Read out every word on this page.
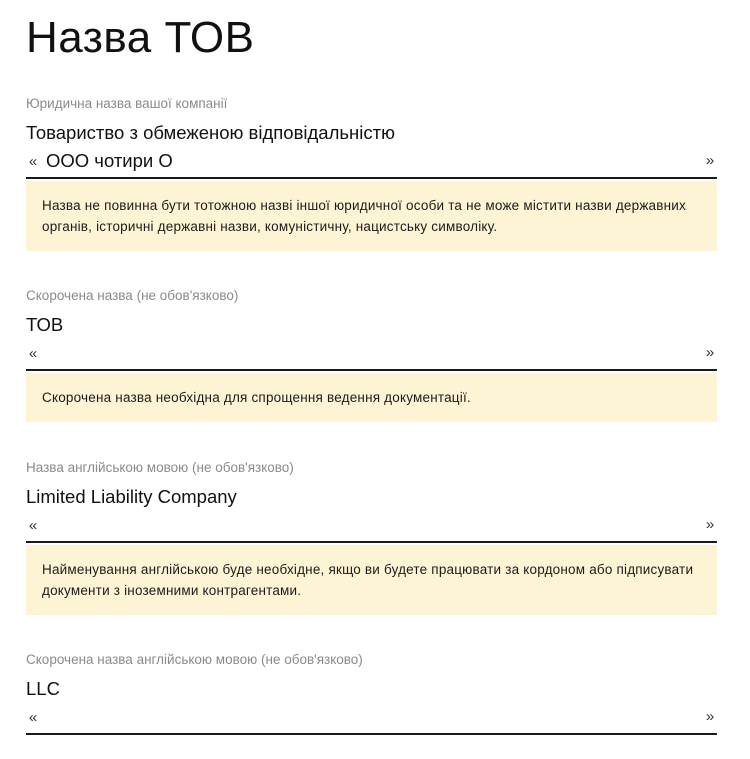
Назва ТОВ
Юридична назва вашої компанії
Товариство з обмеженою відповідальністю
«
ООО чотири О	»
Назва не повинна бути тотожною назві іншої юридичної особи та не може містити назви державних органів, історичні державні назви, комуністичну, нацистську символіку.
Скорочена назва (не обов'язково)
ТОВ
«	»
Скорочена назва необхідна для спрощення ведення документації.
Назва англійською мовою (не обов'язково)
Limited Liability Company
«	»
Найменування англійською буде необхідне, якщо ви будете працювати за кордоном або підписувати документи з іноземними контрагентами.
Скорочена назва англійською мовою (не обов'язково)
LLC
«	»
